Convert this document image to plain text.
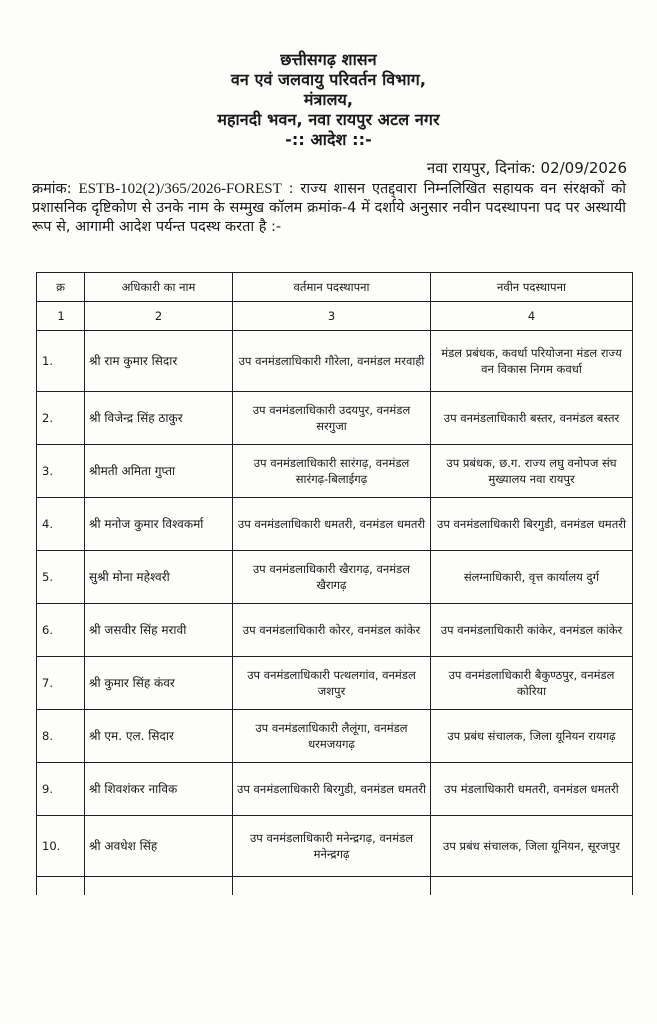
छत्तीसगढ़ शासन
वन एवं जलवायु परिवर्तन विभाग,
मंत्रालय,
महानदी भवन, नवा रायपुर अटल नगर
-:: आदेश ::-
नवा रायपुर, दिनांक: 02/09/2026
क्रमांक: ESTB-102(2)/365/2026-FOREST : राज्य शासन एतद्द्वारा निम्नलिखित सहायक वन संरक्षकों को प्रशासनिक दृष्टिकोण से उनके नाम के सम्मुख कॉलम क्रमांक-4 में दर्शाये अनुसार नवीन पदस्थापना पद पर अस्थायी रूप से, आगामी आदेश पर्यन्त पदस्थ करता है :-
क्र	अधिकारी का नाम	वर्तमान पदस्थापना	नवीन पदस्थापना
1	2	3	4
1.	श्री राम कुमार सिदार	उप वनमंडलाधिकारी गौरेला, वनमंडल मरवाही	मंडल प्रबंधक, कवर्धा परियोजना मंडल राज्य वन विकास निगम कवर्धा
2.	श्री विजेन्द्र सिंह ठाकुर	उप वनमंडलाधिकारी उदयपुर, वनमंडल सरगुजा	उप वनमंडलाधिकारी बस्तर, वनमंडल बस्तर
3.	श्रीमती अमिता गुप्ता	उप वनमंडलाधिकारी सारंगढ़, वनमंडल सारंगढ़-बिलाईगढ़	उप प्रबंधक, छ.ग. राज्य लघु वनोपज संघ मुख्यालय नवा रायपुर
4.	श्री मनोज कुमार विश्वकर्मा	उप वनमंडलाधिकारी धमतरी, वनमंडल धमतरी	उप वनमंडलाधिकारी बिरगुडी, वनमंडल धमतरी
5.	सुश्री मोना महेश्वरी	उप वनमंडलाधिकारी खैरागढ़, वनमंडल खैरागढ़	संलग्नाधिकारी, वृत्त कार्यालय दुर्ग
6.	श्री जसवीर सिंह मरावी	उप वनमंडलाधिकारी कोरर, वनमंडल कांकेर	उप वनमंडलाधिकारी कांकेर, वनमंडल कांकेर
7.	श्री कुमार सिंह कंवर	उप वनमंडलाधिकारी पत्थलगांव, वनमंडल जशपुर	उप वनमंडलाधिकारी बैकुण्ठपुर, वनमंडल कोरिया
8.	श्री एम. एल. सिदार	उप वनमंडलाधिकारी लैलूंगा, वनमंडल धरमजयगढ़	उप प्रबंध संचालक, जिला यूनियन रायगढ़
9.	श्री शिवशंकर नाविक	उप वनमंडलाधिकारी बिरगुडी, वनमंडल धमतरी	उप मंडलाधिकारी धमतरी, वनमंडल धमतरी
10.	श्री अवधेश सिंह	उप वनमंडलाधिकारी मनेन्द्रगढ़, वनमंडल मनेन्द्रगढ़	उप प्रबंध संचालक, जिला यूनियन, सूरजपुर
